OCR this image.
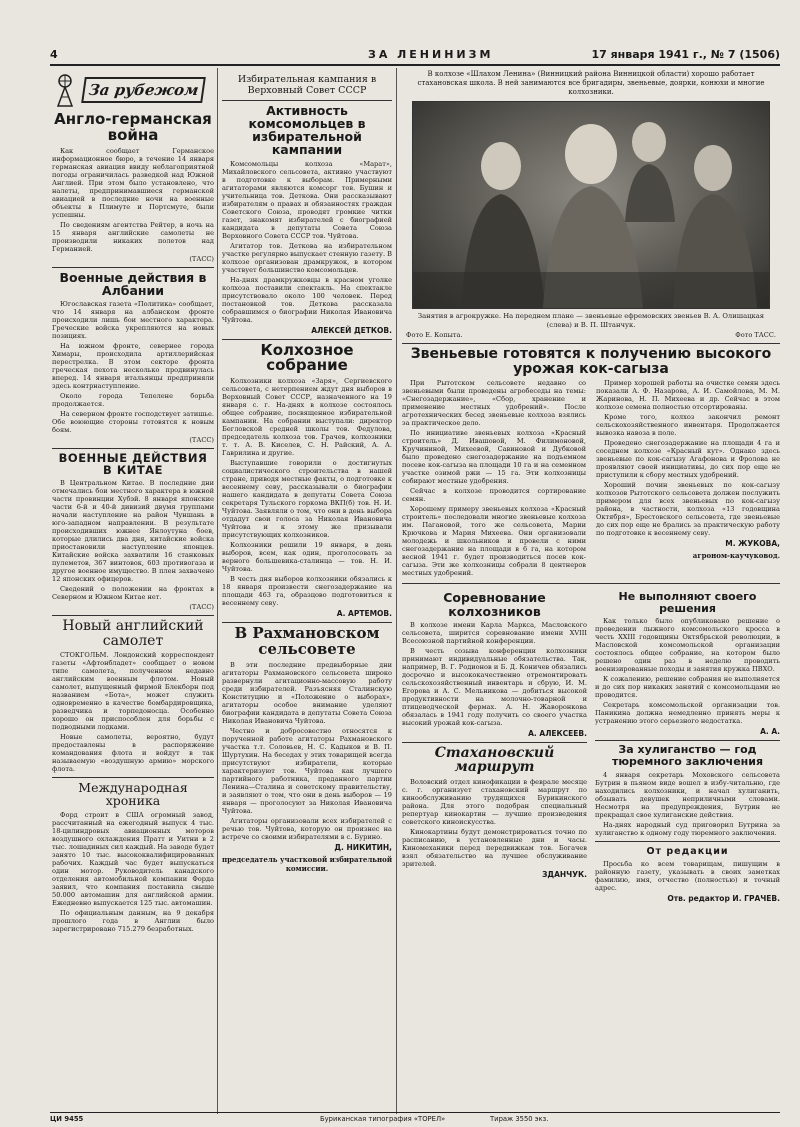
4	ЗА ЛЕНИНИЗМ	17 января 1941 г., № 7 (1506)
За рубежом
Англо-германская война

Как сообщает Германское информационное бюро, в течение 14 января германская авиация ввиду неблагоприятной погоды ограничилась разведкой над Южной Англией. При этом было установлено, что налеты, предпринимавшиеся германской авиацией в последние ночи на военные объекты в Плимуте и Портсмуте, были успешны.

По сведениям агентства Рейтер, в ночь на 15 января английские самолеты не производили никаких полетов над Германией.

(ТАСС)
Военные действия в Албании

Югославская газета «Политика» сообщает, что 14 января на албанском фронте происходили лишь бои местного характера. Греческие войска укрепляются на новых позициях.

На южном фронте, севернее города Химары, происходила артиллерийская перестрелка. В этом секторе фронта греческая пехота несколько продвинулась вперед. 14 января итальянцы предприняли здесь контрнаступление.

Около города Тепелене борьба продолжается.

На северном фронте господствует затишье. Обе воюющие стороны готовятся к новым боям.

(ТАСС)
ВОЕННЫЕ ДЕЙСТВИЯ В КИТАЕ

В Центральном Китае. В последние дни отмечались бои местного характера в южной части провинции Хубэй. 8 января японские части 6-й и 40-й дивизий двумя группами начали наступление на район Чуншань в юго-западном направлении. В результате происходивших южнее Янлоутуна боев, которые длились два дня, китайские войска приостановили наступление японцев. Китайские войска захватили 16 станковых пулеметов, 367 винтовок, 603 противогаза и другое военное имущество. В плен захвачено 12 японских офицеров.

Сведений о положении на фронтах в Северном и Южном Китае нет.

(ТАСС)
Новый английский самолет

СТОКГОЛЬМ. Лондонский корреспондент газеты «Афтонбладет» сообщает о новом типе самолета, полученном недавно английским военным флотом. Новый самолет, выпущенный фирмой Блекборн под названием «Бота», может служить одновременно в качестве бомбардировщика, разведчика и торпедоносца. Особенно хорошо он приспособлен для борьбы с подводными лодками.

Новые самолеты, вероятно, будут предоставлены в распоряжение командования флота и войдут в так называемую «воздушную армию» морского флота.

Международная хроника

Форд строит в США огромный завод, рассчитанный на ежегодный выпуск 4 тыс. 18-цилиндровых авиационных моторов воздушного охлаждения Пратт и Уитни в 2 тыс. лошадиных сил каждый. На заводе будет занято 10 тыс. высококвалифицированных рабочих. Каждый час будет выпускаться один мотор. Руководитель канадского отделения автомобильной компании Форда заявил, что компания поставила свыше 50.000 автомашин для английской армии. Ежедневно выпускается 125 тыс. автомашин.

По официальным данным, на 9 декабря прошлого года в Англии было зарегистрировано 715.279 безработных.

Избирательная кампания в Верховный Совет СССР
Активность комсомольцев в избирательной кампании

Комсомольцы колхоза «Марат», Михайловского сельсовета, активно участвуют в подготовке к выборам. Примерными агитаторами являются комсорг тов. Бушин и учительница тов. Деткова. Они рассказывают избирателям о правах и обязанностях граждан Советского Союза, проводят громкие читки газет, знакомят избирателей с биографией кандидата в депутаты Совета Союза Верховного Совета СССР тов. Чуйтова.

Агитатор тов. Деткова на избирательном участке регулярно выпускает стенную газету. В колхозе организован драмкружок, в котором участвует большинство комсомольцев.

На-днях драмкружковцы в красном уголке колхоза поставили спектакль. На спектакле присутствовало около 100 человек. Перед постановкой тов. Деткова рассказала собравшимся о биографии Николая Ивановича Чуйтова.

АЛЕКСЕЙ ДЕТКОВ.
Колхозное собрание

Колхозники колхоза «Заря», Сергиевского сельсовета, с нетерпением ждут дня выборов в Верховный Совет СССР, назначенного на 19 января с. г. На-днях в колхозе состоялось общее собрание, посвященное избирательной кампании. На собрании выступали: директор Бегловской средней школы тов. Федулова, председатель колхоза тов. Грачев, колхозники т. т. А. В. Киселев, С. Н. Райский, А. А. Гаврилина и другие.

Выступавшие говорили о достигнутых социалистического строительства в нашей стране, приводя местные факты, о подготовке к весеннему севу, рассказывали о биографии нашего кандидата в депутаты Совета Союза секретаря Тульского горкома ВКП(б) тов. Н. И. Чуйтова. Заявляли о том, что они в день выбора отдадут свои голоса за Николая Ивановича Чуйтова и к этому же призывали присутствующих колхозников.

Колхозники решили 19 января, в день выборов, всем, как один, проголосовать за верного большевика-сталинца — тов. Н. И. Чуйтова.

В честь дня выборов колхозники обязались к 18 января произвести снегозадержание на площади 463 га, образцово подготовиться к весеннему севу.

А. АРТЕМОВ.
В Рахмановском сельсовете

В эти последние предвыборные дни агитаторы Рахмановского сельсовета широко развернули агитационно-массовую работу среди избирателей. Разъясняя Сталинскую Конституцию и «Положение о выборах», агитаторы особое внимание уделяют биографии кандидата в депутаты Совета Союза Николая Ивановича Чуйтова.

Честно и добросовестно относятся к порученной работе агитаторы Рахмановского участка т.т. Соловьев, Н. С. Кадыков и В. П. Шуртухин. На беседах у этих товарищей всегда присутствуют избиратели, которые характеризуют тов. Чуйтова как лучшего партийного работника, преданного партии Ленина—Сталина и советскому правительству, и заявляют о том, что они в день выборов — 19 января — проголосуют за Николая Ивановича Чуйтова.

Агитаторы организовали всех избирателей с речью тов. Чуйтова, которую он произнес на встрече со своими избирателями в с. Бурино.

Д. НИКИТИН,
председатель участковой избирательной комиссии.

В колхозе «Шлахом Ленина» (Винницкий района Винницкой области) хорошо работает стахановская школа. В ней занимаются все бригадиры, звеньевые, доярки, конюхи и многие колхозники.

Занятия в агрокружке. На переднем плане — звеньевые ефремовских звеньев В. А. Олишацкая (слева) и В. П. Штанчук.
Фото Е. Копыта.	Фото ТАСС.
Звеньевые готовятся к получению высокого урожая кок-сагыза

При Рытотском сельсовете недавно со звеньевыми были проведены агробеседы на темы: «Снегозадержание», «Сбор, хранение и применение местных удобрений». После агротехнических бесед звеньевые колхоза взялись за практическое дело.

По инициативе звеньевых колхоза «Красный строитель» Д. Ивашовой, М. Филимоновой, Кручининой, Михеевой, Савиновой и Дубковой было проведено снегозадержание на подъемном посеве кок-сагыза на площади 10 га и на семенном участке озимой ржи — 15 га. Эти колхозницы собирают местные удобрения.

Сейчас в колхозе проводится сортирование семян.

Хорошему примеру звеньевых колхоза «Красный строитель» последовали многие звеньевые колхоза им. Пагановой, того же сельсовета, Марии Крючкова и Мария Михеева. Они организовали молодежь и школьников и провели с ними снегозадержание на площади в 6 га, на котором весной 1941 г. будет производиться посев кок-сагыза. Эти же колхозницы собрали 8 центнеров местных удобрений.

Пример хорошей работы на очистке семян здесь показали А. Ф. Назарова, А. И. Самойлова, М. М. Жариновa, Н. П. Михеева и др. Сейчас в этом колхозе семена полностью отсортированы.

Кроме того, колхоз закончил ремонт сельскохозяйственного инвентаря. Продолжается вывозка навоза в поле.

Проведено снегозадержание на площади 4 га и соседнем колхозе «Красный кут». Однако здесь звеньевые по кок-сагызу Агафонова и Фролова не проявляют своей инициативы, до сих пор еще не приступили к сбору местных удобрений.

Хороший почин звеньевых по кок-сагызу колхозов Рытотского сельсовета должен послужить примером для всех звеньевых по кок-сагызу района, в частности, колхоза «13 годовщина Октября», Брестовского сельсовета, где звеньевые до сих пор еще не брались за практическую работу по подготовке к весеннему севу.

М. ЖУКОВА,
агроном-каучуковод.
Соревнование колхозников

В колхозе имени Карла Маркса, Масловского сельсовета, ширится соревнование имени XVIII Всесоюзной партийной конференции.

В честь созыва конференции колхозники принимают индивидуальные обязательства. Так, например, В. Г. Родионов и Б. Д. Коничев обязались досрочно и высококачественно отремонтировать сельскохозяйственный инвентарь и сбрую, И. М. Егорова и А. С. Мельникова — добиться высокой продуктивности на молочно-товарной и птицеводческой фермах. А. Н. Жаворонкова обязалась в 1941 году получить со своего участка высокий урожай кок-сагыза.

А. АЛЕКСЕЕВ.
Стахановский маршрут

Воловский отдел кинофикации в феврале месяце с. г. организует стахановский маршрут по кинообслуживанию трудящихся Бурикинского района. Для этого подобран специальный репертуар кинокартин — лучшие произведения советского киноискусства.

Кинокартины будут демонстрироваться точно по расписанию, в установленные дни и часы. Киномеханики перед передвижкам тов. Богачев взял обязательство на лучшее обслуживание зрителей.

ЗДАНЧУК.
Не выполняют своего решения

Как только было опубликовано решение о проведении лыжного комсомольского кросса в честь XXIII годовщины Октябрьской революции, в Масловской комсомольской организации состоялось общее собрание, на котором было решено один раз в неделю проводить военизированные походы и занятия кружка ПВХО.

К сожалению, решение собрания не выполняется и до сих пор никаких занятий с комсомольцами не проводится.

Секретарь комсомольской организации тов. Паникина должна немедленно принять меры к устранению этого серьезного недостатка.

А. А.
За хулиганство — год тюремного заключения

4 января секретарь Моховского сельсовета Бутрин в пьяном виде вошел в избу-читальню, где находились колхозники, и начал хулиганить, обзывать девушек неприличными словами. Несмотря на предупреждения, Бутрин не прекращал свое хулиганские действия.

На-днях народный суд приговорил Бутрина за хулиганство к одному году тюремного заключения.

От редакции

Просьба ко всем товарищам, пишущим в районную газету, указывать в своих заметках фамилию, имя, отчество (полностью) и точный адрес.

Отв. редактор И. ГРАЧЕВ.
ЦИ 9455	Буриканская типография «ТОРЕЛ»	Тираж 3550 экз.
